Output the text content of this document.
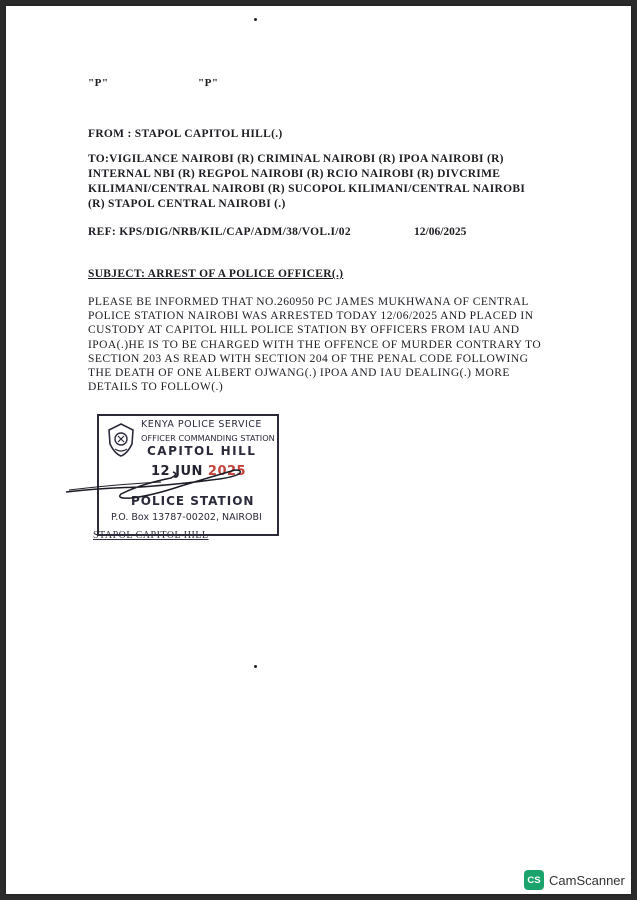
"P"	"P"
FROM : STAPOL CAPITOL HILL(.)
TO:VIGILANCE NAIROBI (R) CRIMINAL NAIROBI (R) IPOA NAIROBI (R)
INTERNAL NBI (R) REGPOL NAIROBI (R) RCIO NAIROBI (R) DIVCRIME
KILIMANI/CENTRAL NAIROBI (R) SUCOPOL KILIMANI/CENTRAL NAIROBI
(R) STAPOL CENTRAL NAIROBI (.)
REF: KPS/DIG/NRB/KIL/CAP/ADM/38/VOL.I/02	12/06/2025
SUBJECT: ARREST OF A POLICE OFFICER(.)
PLEASE BE INFORMED THAT NO.260950 PC JAMES MUKHWANA OF CENTRAL
POLICE STATION NAIROBI WAS ARRESTED TODAY 12/06/2025 AND PLACED IN
CUSTODY AT CAPITOL HILL POLICE STATION BY OFFICERS FROM IAU AND
IPOA(.)HE IS TO BE CHARGED WITH THE OFFENCE OF MURDER CONTRARY TO
SECTION 203 AS READ WITH SECTION 204 OF THE PENAL CODE FOLLOWING
THE DEATH OF ONE ALBERT OJWANG(.) IPOA AND IAU DEALING(.) MORE
DETAILS TO FOLLOW(.)
KENYA POLICE SERVICE
OFFICER COMMANDING STATION
CAPITOL HILL
12 JUN 2025
POLICE STATION
P.O. Box 13787-00202, NAIROBI
STAPOL CAPITOL HILL
CS CamScanner
